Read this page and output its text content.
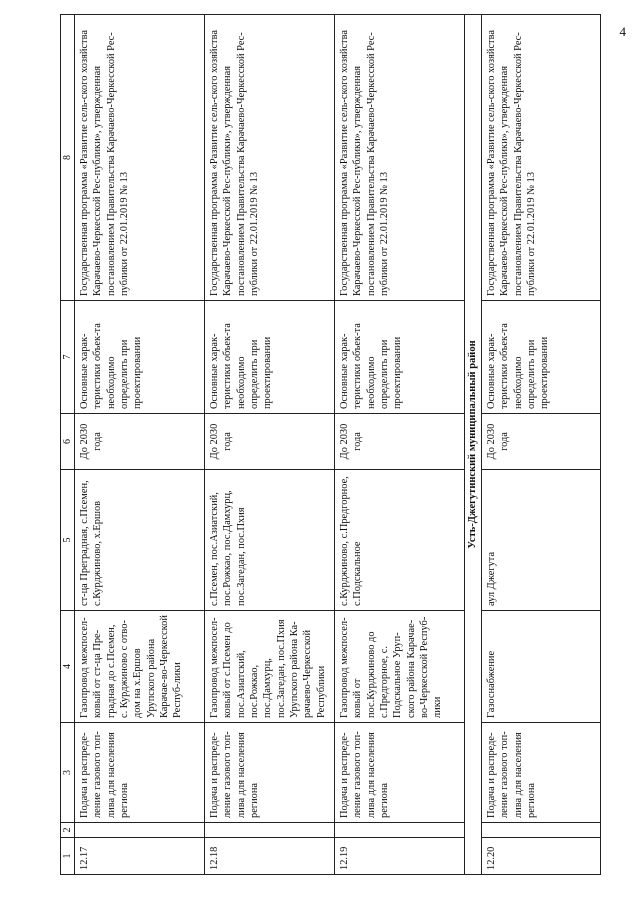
4
1	2	3	4	5	6	7	8
12.17		Подача и распреде-ление газового топ-лива для населения региона	Газопровод межпосел-ковый от ст-ца Пре-градная до с.Псемен, с. Курджиново с отво-дом на х.Ершов Урупского района Карачае-во-Черкесской Респуб-лики	ст-ца Преградная, с.Псемен, с.Курджиново, х.Ершов	До 2030 года	Основные харак-теристики объек-та необходимо определить при проектировании	Государственная программа «Развитие сель-ского хозяйства Карачаево-Черкесской Рес-публики», утвержденная постановлением Правительства Карачаево-Черкесской Рес-публики от 22.01.2019 № 13
12.18		Подача и распреде-ление газового топ-лива для населения региона	Газопровод межпосел-ковый от с.Псемен до пос.Азиатский, пос.Рожкао, пос.Дамхурц, пос.Загедан, пос.Пхия Урупского района Ка-рачаево-Черкесской Республики	с.Псемен, пос.Азиатский, пос.Рожкао, пос.Дамхурц, пос.Загедан, пос.Пхия	До 2030 года	Основные харак-теристики объек-та необходимо определить при проектировании	Государственная программа «Развитие сель-ского хозяйства Карачаево-Черкесской Рес-публики», утвержденная постановлением Правительства Карачаево-Черкесской Рес-публики от 22.01.2019 № 13
12.19		Подача и распреде-ление газового топ-лива для населения региона	Газопровод межпосел-ковый от пос.Курджиново до с.Предгорное, с. Подскальное Уруп-ского района Карачае-во-Черкесской Респуб-лики	с.Курджиново, с.Предгорное, с.Подскальное	До 2030 года	Основные харак-теристики объек-та необходимо определить при проектировании	Государственная программа «Развитие сель-ского хозяйства Карачаево-Черкесской Рес-публики», утвержденная постановлением Правительства Карачаево-Черкесской Рес-публики от 22.01.2019 № 13
Усть-Джегутинский муниципальный район							
12.20		Подача и распреде-ление газового топ-лива для населения региона	Газоснабжение	аул Джегута	До 2030 года	Основные харак-теристики объек-та необходимо определить при проектировании	Государственная программа «Развитие сель-ского хозяйства Карачаево-Черкесской Рес-публики», утвержденная постановлением Правительства Карачаево-Черкесской Рес-публики от 22.01.2019 № 13
